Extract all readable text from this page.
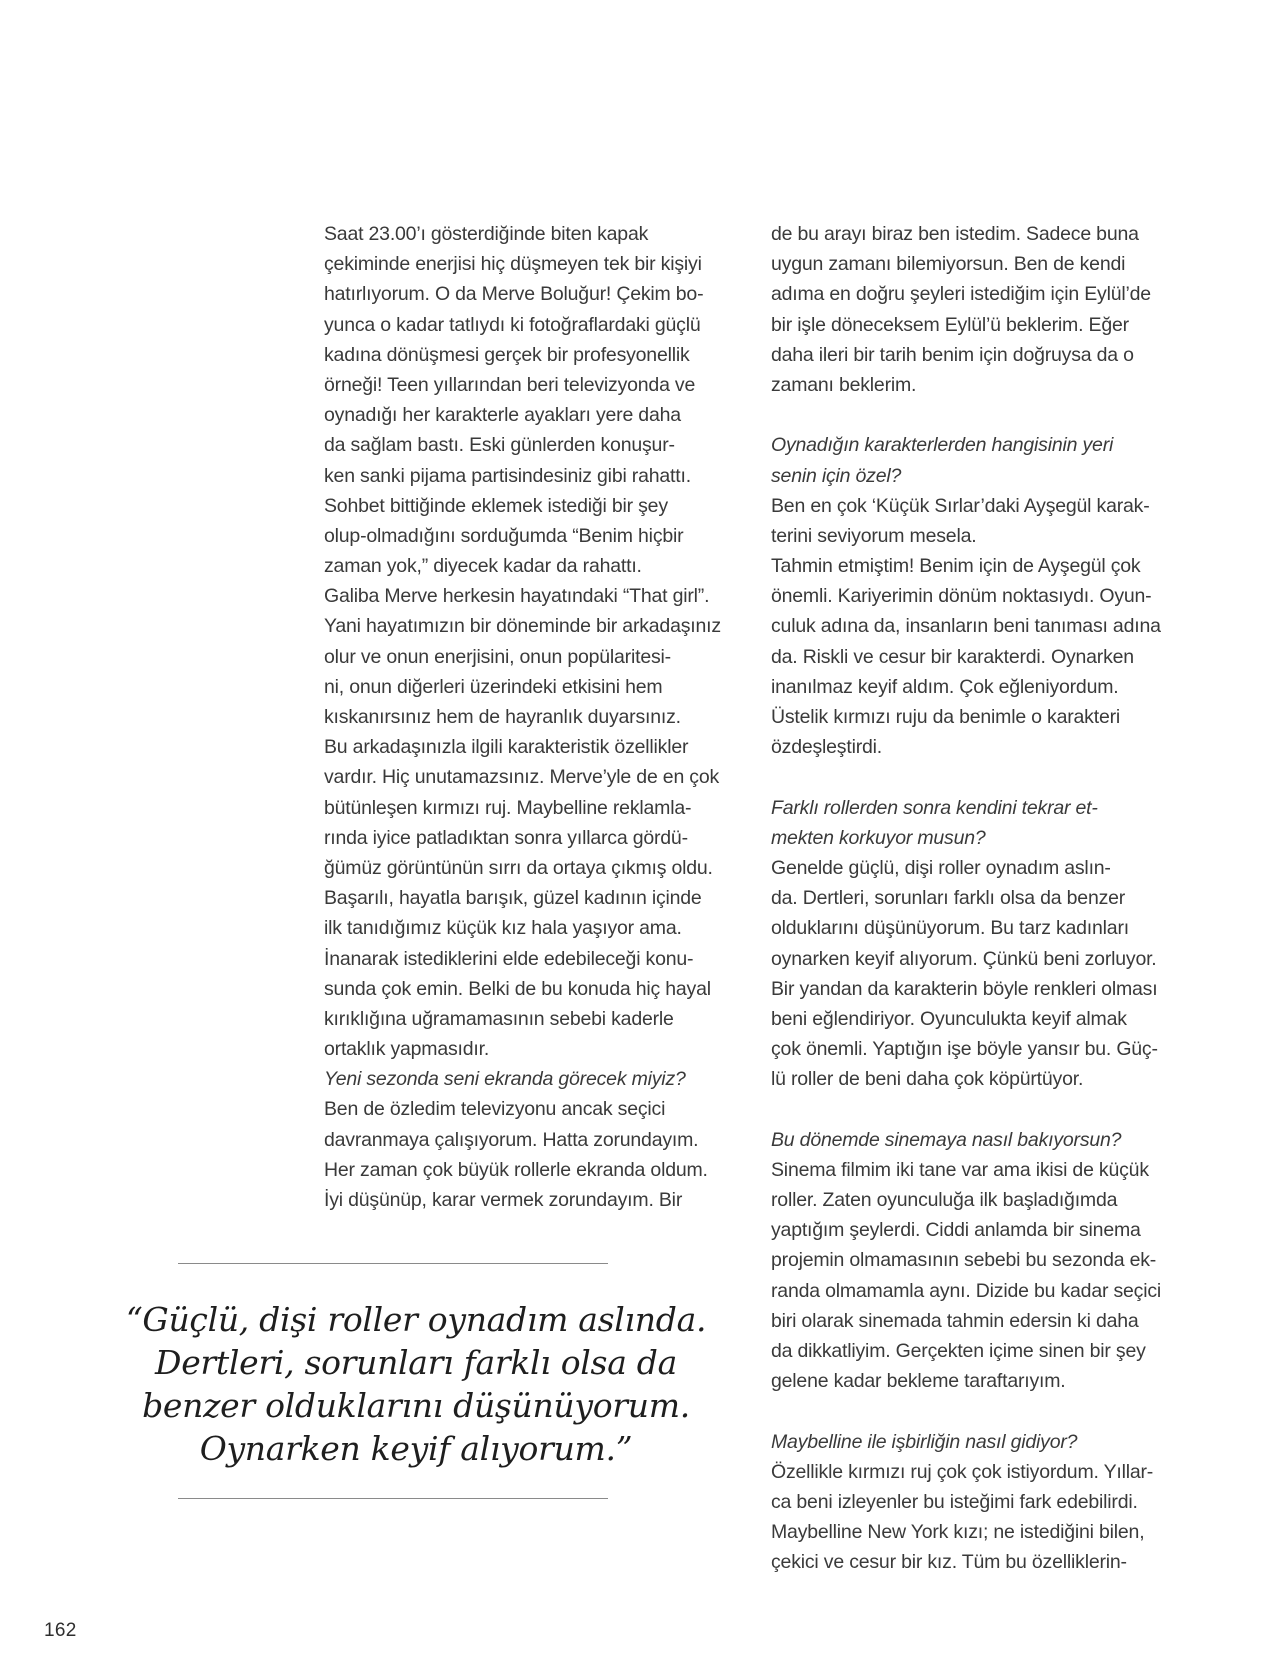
Saat 23.00’ı gösterdiğinde biten kapak
çekiminde enerjisi hiç düşmeyen tek bir kişiyi
hatırlıyorum. O da Merve Boluğur! Çekim bo-
yunca o kadar tatlıydı ki fotoğraflardaki güçlü
kadına dönüşmesi gerçek bir profesyonellik
örneği! Teen yıllarından beri televizyonda ve
oynadığı her karakterle ayakları yere daha
da sağlam bastı. Eski günlerden konuşur-
ken sanki pijama partisindesiniz gibi rahattı.
Sohbet bittiğinde eklemek istediği bir şey
olup-olmadığını sorduğumda “Benim hiçbir
zaman yok,” diyecek kadar da rahattı.
Galiba Merve herkesin hayatındaki “That girl”.
Yani hayatımızın bir döneminde bir arkadaşınız
olur ve onun enerjisini, onun popülaritesi-
ni, onun diğerleri üzerindeki etkisini hem
kıskanırsınız hem de hayranlık duyarsınız.
Bu arkadaşınızla ilgili karakteristik özellikler
vardır. Hiç unutamazsınız. Merve’yle de en çok
bütünleşen kırmızı ruj. Maybelline reklamla-
rında iyice patladıktan sonra yıllarca gördü-
ğümüz görüntünün sırrı da ortaya çıkmış oldu.
Başarılı, hayatla barışık, güzel kadının içinde
ilk tanıdığımız küçük kız hala yaşıyor ama.
İnanarak istediklerini elde edebileceği konu-
sunda çok emin. Belki de bu konuda hiç hayal
kırıklığına uğramamasının sebebi kaderle
ortaklık yapmasıdır.
Yeni sezonda seni ekranda görecek miyiz?
Ben de özledim televizyonu ancak seçici
davranmaya çalışıyorum. Hatta zorundayım.
Her zaman çok büyük rollerle ekranda oldum.
İyi düşünüp, karar vermek zorundayım. Bir
de bu arayı biraz ben istedim. Sadece buna
uygun zamanı bilemiyorsun. Ben de kendi
adıma en doğru şeyleri istediğim için Eylül’de
bir işle döneceksem Eylül’ü beklerim. Eğer
daha ileri bir tarih benim için doğruysa da o
zamanı beklerim.
Oynadığın karakterlerden hangisinin yeri
senin için özel?
Ben en çok ‘Küçük Sırlar’daki Ayşegül karak-
terini seviyorum mesela.
Tahmin etmiştim! Benim için de Ayşegül çok
önemli. Kariyerimin dönüm noktasıydı. Oyun-
culuk adına da, insanların beni tanıması adına
da. Riskli ve cesur bir karakterdi. Oynarken
inanılmaz keyif aldım. Çok eğleniyordum.
Üstelik kırmızı ruju da benimle o karakteri
özdeşleştirdi.
Farklı rollerden sonra kendini tekrar et-
mekten korkuyor musun?
Genelde güçlü, dişi roller oynadım aslın-
da. Dertleri, sorunları farklı olsa da benzer
olduklarını düşünüyorum. Bu tarz kadınları
oynarken keyif alıyorum. Çünkü beni zorluyor.
Bir yandan da karakterin böyle renkleri olması
beni eğlendiriyor. Oyunculukta keyif almak
çok önemli. Yaptığın işe böyle yansır bu. Güç-
lü roller de beni daha çok köpürtüyor.
Bu dönemde sinemaya nasıl bakıyorsun?
Sinema filmim iki tane var ama ikisi de küçük
roller. Zaten oyunculuğa ilk başladığımda
yaptığım şeylerdi. Ciddi anlamda bir sinema
projemin olmamasının sebebi bu sezonda ek-
randa olmamamla aynı. Dizide bu kadar seçici
biri olarak sinemada tahmin edersin ki daha
da dikkatliyim. Gerçekten içime sinen bir şey
gelene kadar bekleme taraftarıyım.
Maybelline ile işbirliğin nasıl gidiyor?
Özellikle kırmızı ruj çok çok istiyordum. Yıllar-
ca beni izleyenler bu isteğimi fark edebilirdi.
Maybelline New York kızı; ne istediğini bilen,
çekici ve cesur bir kız. Tüm bu özelliklerin-
“Güçlü, dişi roller oynadım aslında.
Dertleri, sorunları farklı olsa da
benzer olduklarını düşünüyorum.
Oynarken keyif alıyorum.”
162
